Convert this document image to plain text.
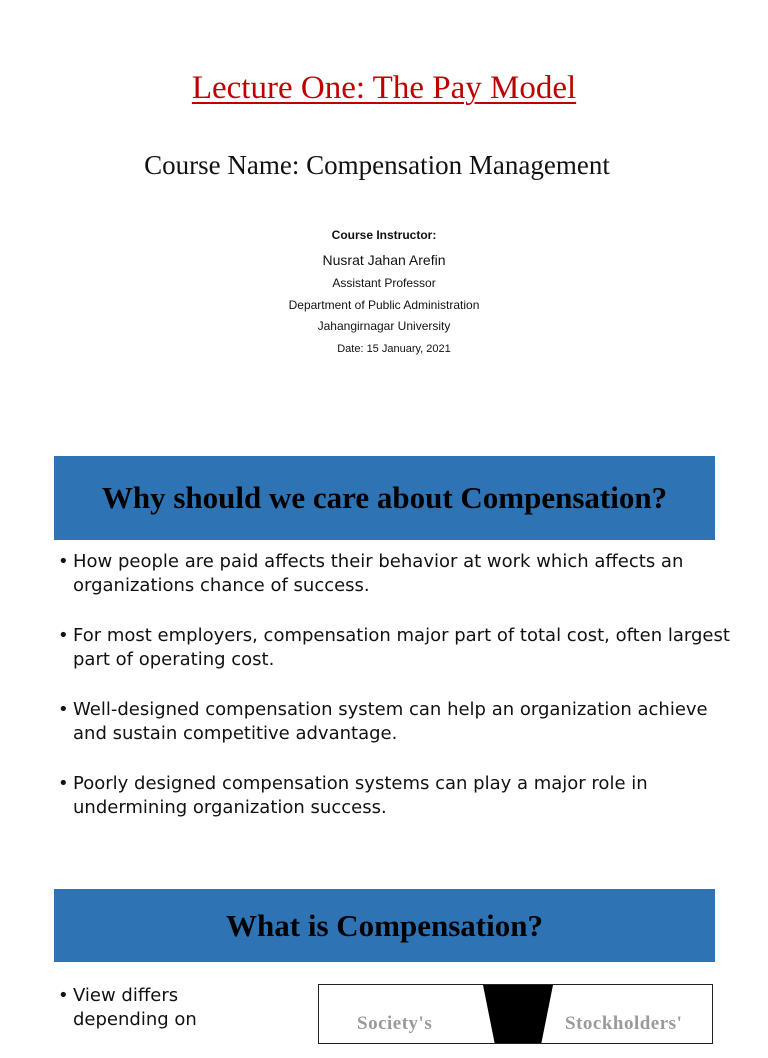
Lecture One: The Pay Model
Course Name: Compensation Management
Course Instructor:
Nusrat Jahan Arefin
Assistant Professor
Department of Public Administration
Jahangirnagar University
Date: 15 January, 2021
Why should we care about Compensation?
• How people are paid affects their behavior at work which affects an organizations chance of success.
• For most employers, compensation major part of total cost, often largest part of operating cost.
• Well-designed compensation system can help an organization achieve and sustain competitive advantage.
• Poorly designed compensation systems can play a major role in undermining organization success.
What is Compensation?
• View differs depending on	Society's	Stockholders'
